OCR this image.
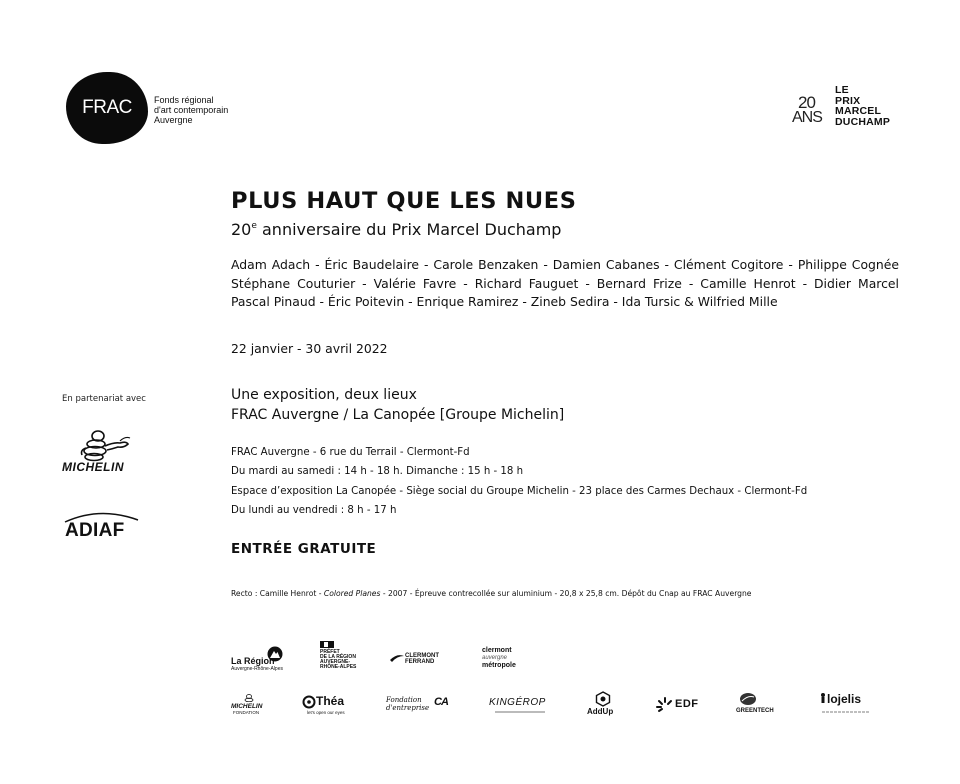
FRAC Fonds régional
d'art contemporain
Auvergne
20
ANS
LE
PRIX
MARCEL
DUCHAMP
PLUS HAUT QUE LES NUES
20e anniversaire du Prix Marcel Duchamp
Adam Adach - Éric Baudelaire - Carole Benzaken - Damien Cabanes - Clément Cogitore - Philippe Cognée
Stéphane Couturier - Valérie Favre - Richard Fauguet - Bernard Frize - Camille Henrot - Didier Marcel
Pascal Pinaud - Éric Poitevin - Enrique Ramirez - Zineb Sedira - Ida Tursic & Wilfried Mille
22 janvier - 30 avril 2022
Une exposition, deux lieux
FRAC Auvergne / La Canopée [Groupe Michelin]
FRAC Auvergne - 6 rue du Terrail - Clermont-Fd
Du mardi au samedi : 14 h - 18 h. Dimanche : 15 h - 18 h
Espace d’exposition La Canopée - Siège social du Groupe Michelin - 23 place des Carmes Dechaux - Clermont-Fd
Du lundi au vendredi : 8 h - 17 h
ENTRÉE GRATUITE
Recto : Camille Henrot - Colored Planes - 2007 - Épreuve contrecollée sur aluminium - 20,8 x 25,8 cm. Dépôt du Cnap au FRAC Auvergne
En partenariat avec
MICHELIN
ADIAF
La Région
Auvergne-Rhône-Alpes
PRÉFET
DE LA RÉGION
AUVERGNE-
RHÔNE-ALPES
CLERMONT
FERRAND
clermont
auvergne
métropole
MICHELIN
FONDATION
Théa
let's open our eyes
Fondation d'entreprise CA	KINGÉROP
AddUp
EDF
GREENTECH
lojelis
